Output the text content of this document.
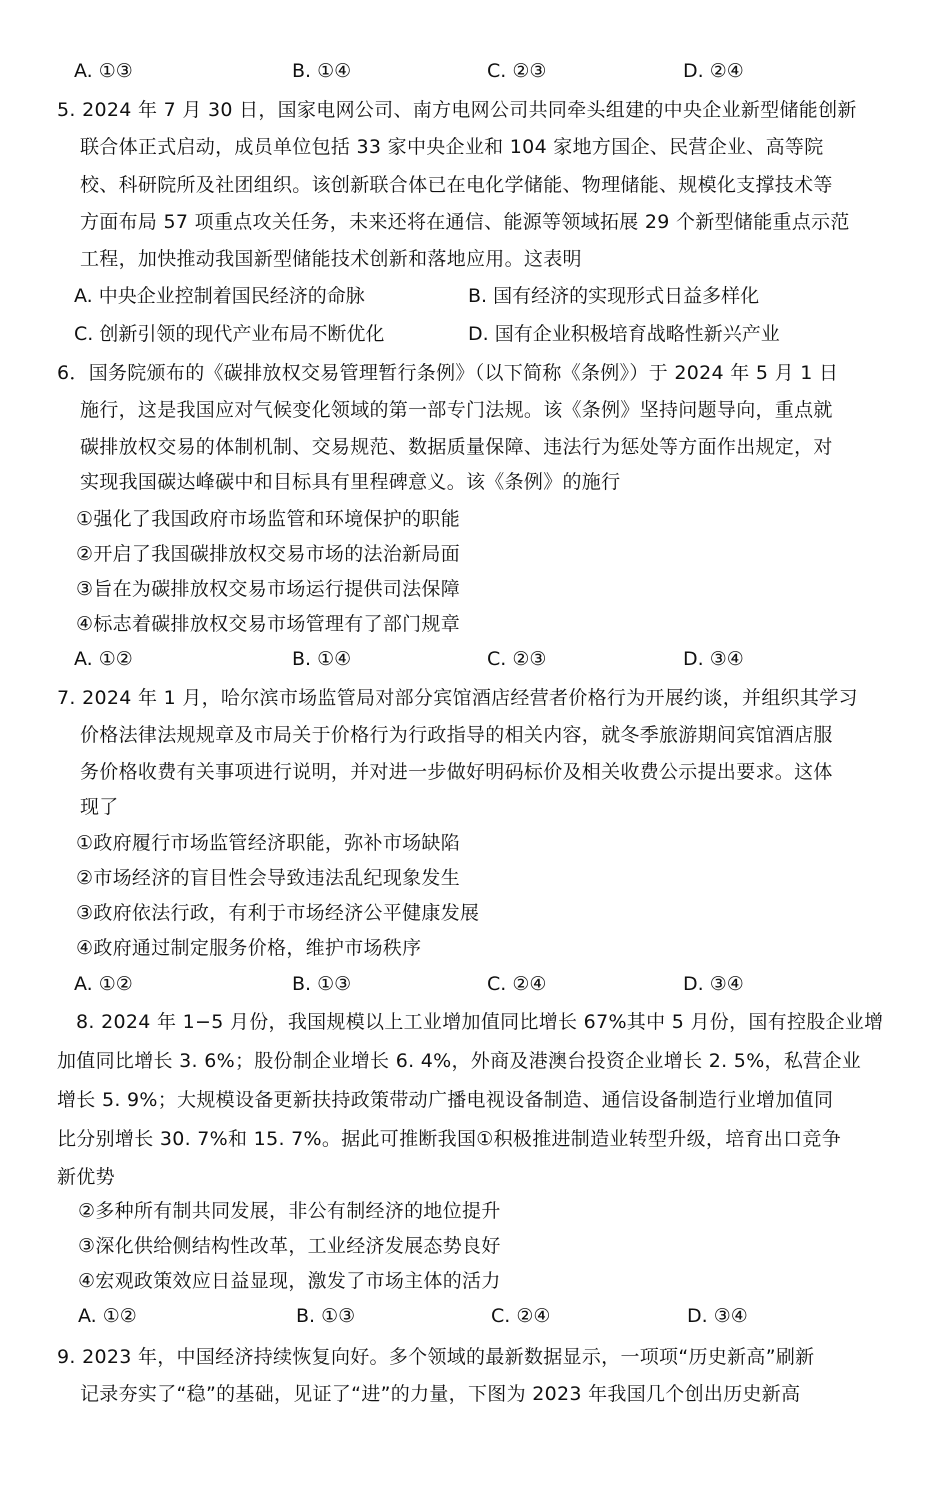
A. ①③	B. ①④	C. ②③	D. ②④
5. 2024 年 7 月 30 日，国家电网公司、南方电网公司共同牵头组建的中央企业新型储能创新
联合体正式启动，成员单位包括 33 家中央企业和 104 家地方国企、民营企业、高等院
校、科研院所及社团组织。该创新联合体已在电化学储能、物理储能、规模化支撑技术等
方面布局 57 项重点攻关任务，未来还将在通信、能源等领域拓展 29 个新型储能重点示范
工程，加快推动我国新型储能技术创新和落地应用。这表明
A. 中央企业控制着国民经济的命脉	B. 国有经济的实现形式日益多样化
C. 创新引领的现代产业布局不断优化	D. 国有企业积极培育战略性新兴产业
6．国务院颁布的《碳排放权交易管理暂行条例》（以下简称《条例》）于 2024 年 5 月 1 日
施行，这是我国应对气候变化领域的第一部专门法规。该《条例》坚持问题导向，重点就
碳排放权交易的体制机制、交易规范、数据质量保障、违法行为惩处等方面作出规定，对
实现我国碳达峰碳中和目标具有里程碑意义。该《条例》的施行
①强化了我国政府市场监管和环境保护的职能
②开启了我国碳排放权交易市场的法治新局面
③旨在为碳排放权交易市场运行提供司法保障
④标志着碳排放权交易市场管理有了部门规章
A. ①②	B. ①④	C. ②③	D. ③④
7. 2024 年 1 月，哈尔滨市场监管局对部分宾馆酒店经营者价格行为开展约谈，并组织其学习
价格法律法规规章及市局关于价格行为行政指导的相关内容，就冬季旅游期间宾馆酒店服
务价格收费有关事项进行说明，并对进一步做好明码标价及相关收费公示提出要求。这体
现了
①政府履行市场监管经济职能，弥补市场缺陷
②市场经济的盲目性会导致违法乱纪现象发生
③政府依法行政，有利于市场经济公平健康发展
④政府通过制定服务价格，维护市场秩序
A. ①②	B. ①③	C. ②④	D. ③④
8. 2024 年 1−5 月份，我国规模以上工业增加值同比增长 67%其中 5 月份，国有控股企业增
加值同比增长 3. 6%；股份制企业增长 6. 4%，外商及港澳台投资企业增长 2. 5%，私营企业
增长 5. 9%；大规模设备更新扶持政策带动广播电视设备制造、通信设备制造行业增加值同
比分别增长 30. 7%和 15. 7%。据此可推断我国①积极推进制造业转型升级，培育出口竞争
新优势
②多种所有制共同发展，非公有制经济的地位提升
③深化供给侧结构性改革，工业经济发展态势良好
④宏观政策效应日益显现，激发了市场主体的活力
A. ①②	B. ①③	C. ②④	D. ③④
9. 2023 年，中国经济持续恢复向好。多个领域的最新数据显示，一项项“历史新高”刷新
记录夯实了“稳”的基础，见证了“进”的力量，下图为 2023 年我国几个创出历史新高
